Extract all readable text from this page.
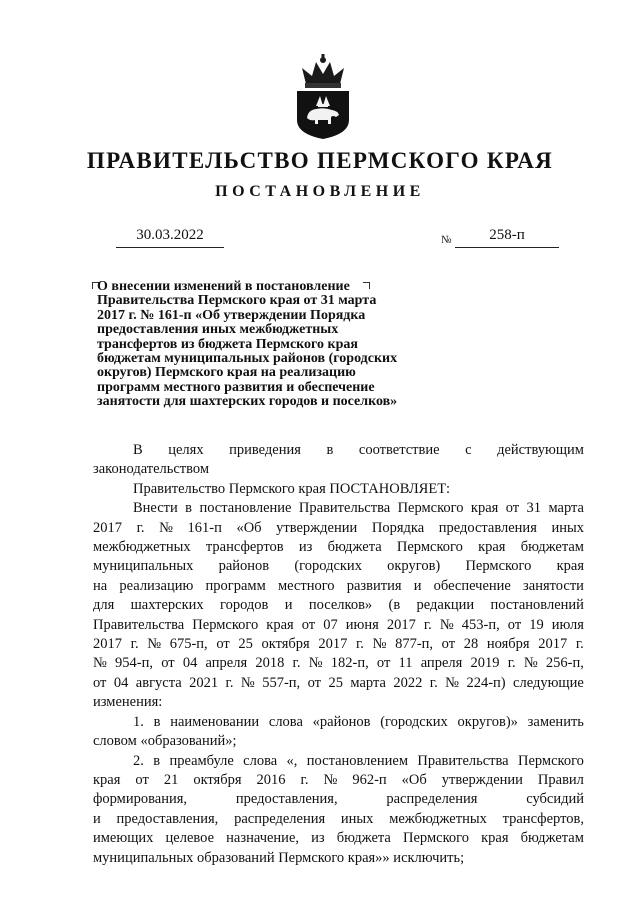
ПРАВИТЕЛЬСТВО ПЕРМСКОГО КРАЯ
ПОСТАНОВЛЕНИЕ
30.03.2022	№	258-п
О внесении изменений в постановление
Правительства Пермского края от 31 марта
2017 г. № 161-п «Об утверждении Порядка
предоставления иных межбюджетных
трансфертов из бюджета Пермского края
бюджетам муниципальных районов (городских
округов) Пермского края на реализацию
программ местного развития и обеспечение
занятости для шахтерских городов и поселков»
В целях приведения в соответствие с действующим
законодательством
Правительство Пермского края ПОСТАНОВЛЯЕТ:
Внести в постановление Правительства Пермского края от 31 марта
2017 г. № 161-п «Об утверждении Порядка предоставления иных
межбюджетных трансфертов из бюджета Пермского края бюджетам
муниципальных районов (городских округов) Пермского края
на реализацию программ местного развития и обеспечение занятости
для шахтерских городов и поселков» (в редакции постановлений
Правительства Пермского края от 07 июня 2017 г. № 453-п, от 19 июля
2017 г. № 675-п, от 25 октября 2017 г. № 877-п, от 28 ноября 2017 г.
№ 954-п, от 04 апреля 2018 г. № 182-п, от 11 апреля 2019 г. № 256-п,
от 04 августа 2021 г. № 557-п, от 25 марта 2022 г. № 224-п) следующие
изменения:
1. в наименовании слова «районов (городских округов)» заменить
словом «образований»;
2. в преамбуле слова «, постановлением Правительства Пермского
края от 21 октября 2016 г. № 962-п «Об утверждении Правил
формирования,	предоставления,	распределения	субсидий
и предоставления, распределения иных межбюджетных трансфертов,
имеющих целевое назначение, из бюджета Пермского края бюджетам
муниципальных образований Пермского края»» исключить;
